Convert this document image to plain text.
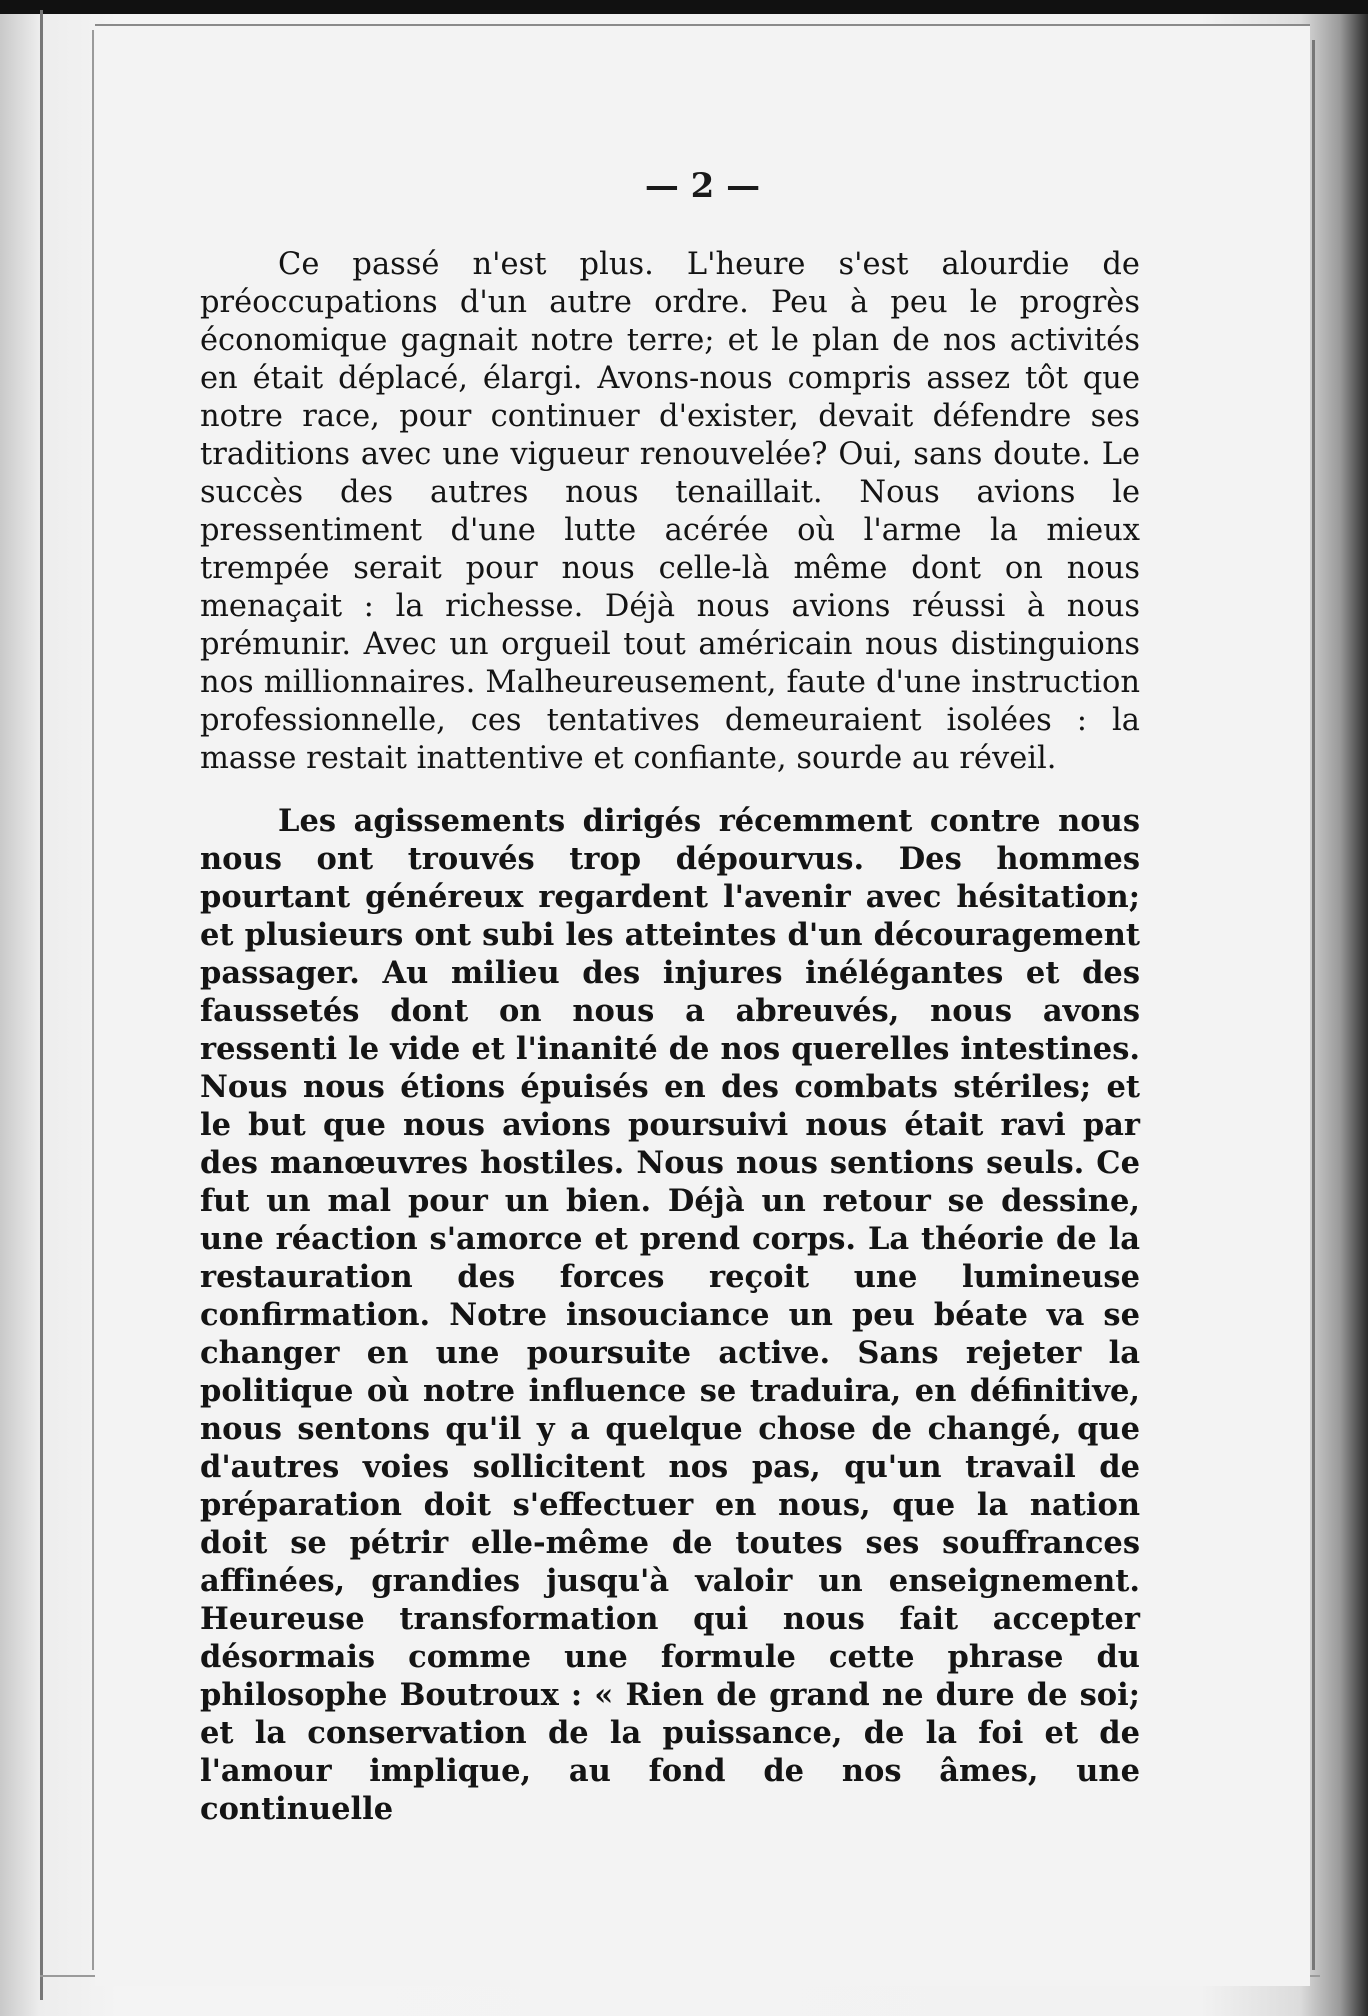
— 2 —

Ce passé n'est plus. L'heure s'est alourdie de préoccupations d'un autre ordre. Peu à peu le progrès économique gagnait notre terre; et le plan de nos activités en était déplacé, élargi. Avons-nous compris assez tôt que notre race, pour continuer d'exister, devait défendre ses traditions avec une vigueur renouvelée? Oui, sans doute. Le succès des autres nous tenaillait. Nous avions le pressentiment d'une lutte acérée où l'arme la mieux trempée serait pour nous celle-là même dont on nous menaçait : la richesse. Déjà nous avions réussi à nous prémunir. Avec un orgueil tout américain nous distinguions nos millionnaires. Malheureusement, faute d'une instruction professionnelle, ces tentatives demeuraient isolées : la masse restait inattentive et confiante, sourde au réveil.

Les agissements dirigés récemment contre nous nous ont trouvés trop dépourvus. Des hommes pourtant généreux regardent l'avenir avec hésitation; et plusieurs ont subi les atteintes d'un découragement passager. Au milieu des injures inélégantes et des faussetés dont on nous a abreuvés, nous avons ressenti le vide et l'inanité de nos querelles intestines. Nous nous étions épuisés en des combats stériles; et le but que nous avions poursuivi nous était ravi par des manœuvres hostiles. Nous nous sentions seuls. Ce fut un mal pour un bien. Déjà un retour se dessine, une réaction s'amorce et prend corps. La théorie de la restauration des forces reçoit une lumineuse confirmation. Notre insouciance un peu béate va se changer en une poursuite active. Sans rejeter la politique où notre influence se traduira, en définitive, nous sentons qu'il y a quelque chose de changé, que d'autres voies sollicitent nos pas, qu'un travail de préparation doit s'effectuer en nous, que la nation doit se pétrir elle-même de toutes ses souffrances affinées, grandies jusqu'à valoir un enseignement. Heureuse transformation qui nous fait accepter désormais comme une formule cette phrase du philosophe Boutroux : « Rien de grand ne dure de soi; et la conservation de la puissance, de la foi et de l'amour implique, au fond de nos âmes, une continuelle
